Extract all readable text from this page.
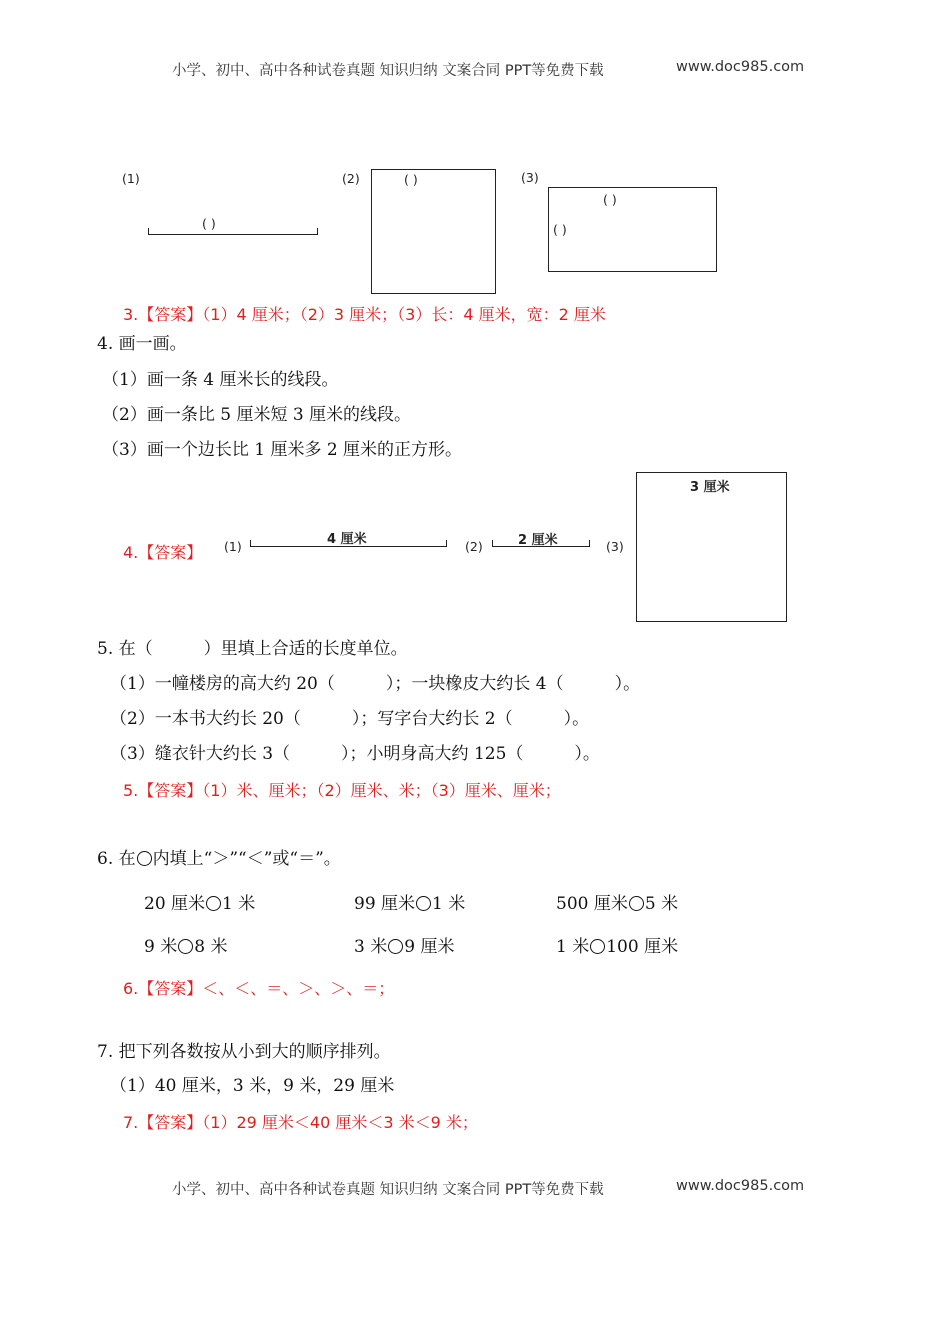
小学、初中、高中各种试卷真题 知识归纳 文案合同 PPT等免费下载	www.doc985.com
(1)
( )
(2)	( )	(3)
( )
( )
3.【答案】（1）4 厘米；（2）3 厘米；（3）长：4 厘米，宽：2 厘米
4. 画一画。
（1）画一条 4 厘米长的线段。
（2）画一条比 5 厘米短 3 厘米的线段。
（3）画一个边长比 1 厘米多 2 厘米的正方形。
4.【答案】 (1)	4 厘米	(2)	2 厘米	(3)
3 厘米
5. 在（　　　）里填上合适的长度单位。
（1）一幢楼房的高大约 20（　　　）；一块橡皮大约长 4（　　　）。
（2）一本书大约长 20（　　　）；写字台大约长 2（　　　）。
（3）缝衣针大约长 3（　　　）；小明身高大约 125（　　　）。
5.【答案】（1）米、厘米；（2）厘米、米；（3）厘米、厘米；
6. 在 内填上“＞”“＜”或“＝”。
20 厘米 1 米	99 厘米 1 米	500 厘米 5 米
9 米 8 米	3 米 9 厘米	1 米 100 厘米
6.【答案】＜、＜、＝、＞、＞、＝；
7. 把下列各数按从小到大的顺序排列。
（1）40 厘米，3 米，9 米，29 厘米
7.【答案】（1）29 厘米＜40 厘米＜3 米＜9 米；
小学、初中、高中各种试卷真题 知识归纳 文案合同 PPT等免费下载	www.doc985.com
